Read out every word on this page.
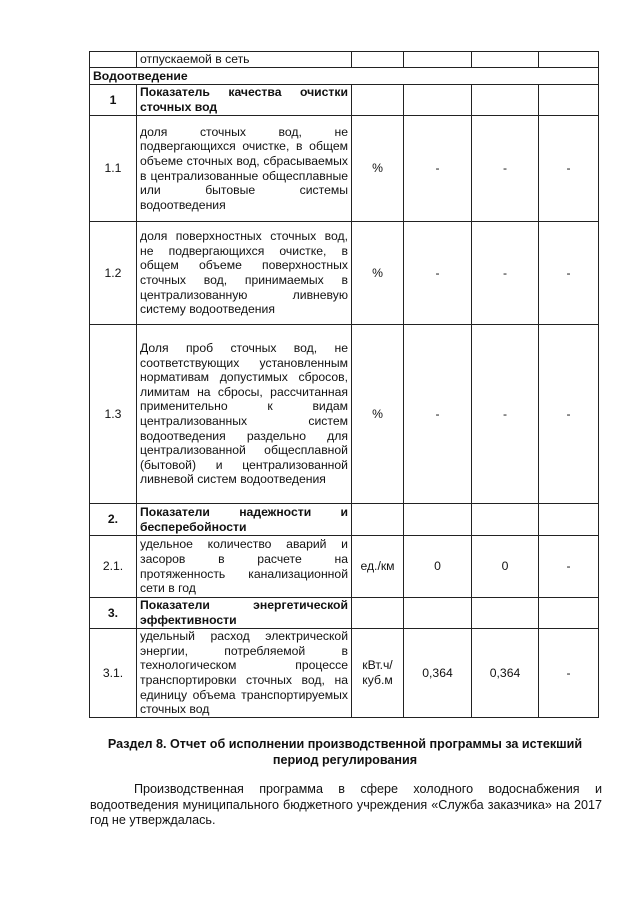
	отпускаемой в сеть				
Водоотведение					
1	Показатель качества очистки сточных вод				
1.1	доля сточных вод, не подвергающихся очистке, в общем объеме сточных вод, сбрасываемых в централизованные общесплавные или бытовые системы водоотведения	%	-	-	-
1.2	доля поверхностных сточных вод, не подвергающихся очистке, в общем объеме поверхностных сточных вод, принимаемых в централизованную ливневую систему водоотведения	%	-	-	-
1.3	Доля проб сточных вод, не соответствующих установленным нормативам допустимых сбросов, лимитам на сбросы, рассчитанная применительно к видам централизованных систем водоотведения раздельно для централизованной общесплавной (бытовой) и централизованной ливневой систем водоотведения	%	-	-	-
2.	Показатели надежности и бесперебойности				
2.1.	удельное количество аварий и засоров в расчете на протяженность канализационной сети в год	ед./км	0	0	-
3.	Показатели энергетической эффективности				
3.1.	удельный расход электрической энергии, потребляемой в технологическом процессе транспортировки сточных вод, на единицу объема транспортируемых сточных вод	кВт.ч/куб.м	0,364	0,364	-
Раздел 8. Отчет об исполнении производственной программы за истекший период регулирования
Производственная программа в сфере холодного водоснабжения и водоотведения муниципального бюджетного учреждения «Служба заказчика» на 2017 год не утверждалась.
